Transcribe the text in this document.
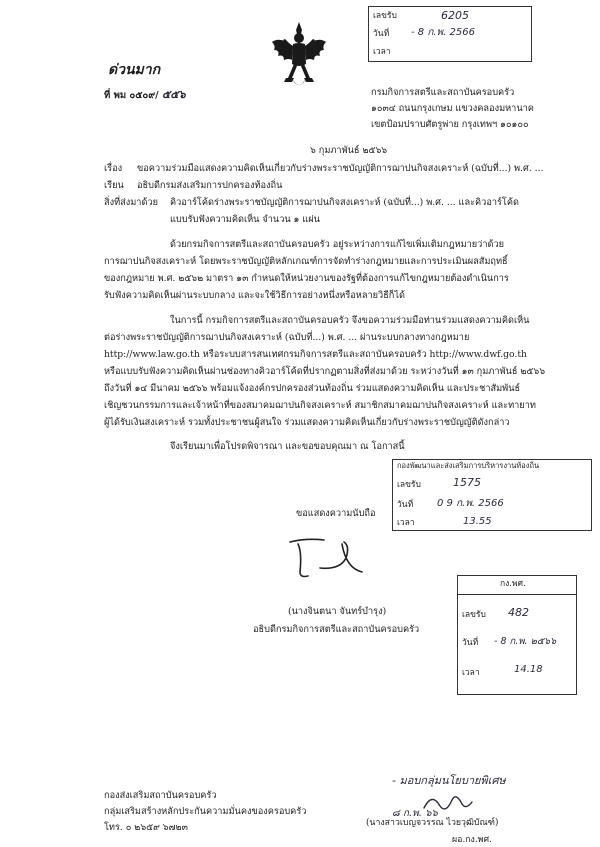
ด่วนมาก
ที่ พม ๐๕๐๙/ ๕๕๖
เลขรับ	6205
วันที่ - 8 ก.พ. 2566
เวลา
กรมกิจการสตรีและสถาบันครอบครัว
๑๐๓๔ ถนนกรุงเกษม แขวงคลองมหานาค
เขตป้อมปราบศัตรูพ่าย กรุงเทพฯ ๑๐๑๐๐
๖ กุมภาพันธ์ ๒๕๖๖
เรื่อง ขอความร่วมมือแสดงความคิดเห็นเกี่ยวกับร่างพระราชบัญญัติการฌาปนกิจสงเคราะห์ (ฉบับที่...) พ.ศ. ...
เรียน อธิบดีกรมส่งเสริมการปกครองท้องถิ่น
สิ่งที่ส่งมาด้วย คิวอาร์โค้ดร่างพระราชบัญญัติการฌาปนกิจสงเคราะห์ (ฉบับที่...) พ.ศ. ... และคิวอาร์โค้ด
แบบรับฟังความคิดเห็น จำนวน ๑ แผ่น
ด้วยกรมกิจการสตรีและสถาบันครอบครัว อยู่ระหว่างการแก้ไขเพิ่มเติมกฎหมายว่าด้วย
การฌาปนกิจสงเคราะห์ โดยพระราชบัญญัติหลักเกณฑ์การจัดทำร่างกฎหมายและการประเมินผลสัมฤทธิ์
ของกฎหมาย พ.ศ. ๒๕๖๒ มาตรา ๑๓ กำหนดให้หน่วยงานของรัฐที่ต้องการแก้ไขกฎหมายต้องดำเนินการ
รับฟังความคิดเห็นผ่านระบบกลาง และจะใช้วิธีการอย่างหนึ่งหรือหลายวิธีก็ได้
ในการนี้ กรมกิจการสตรีและสถาบันครอบครัว จึงขอความร่วมมือท่านร่วมแสดงความคิดเห็น
ต่อร่างพระราชบัญญัติการฌาปนกิจสงเคราะห์ (ฉบับที่...) พ.ศ. ... ผ่านระบบกลางทางกฎหมาย
http://www.law.go.th หรือระบบสารสนเทศกรมกิจการสตรีและสถาบันครอบครัว http://www.dwf.go.th
หรือแบบรับฟังความคิดเห็นผ่านช่องทางคิวอาร์โค้ดที่ปรากฏตามสิ่งที่ส่งมาด้วย ระหว่างวันที่ ๑๓ กุมภาพันธ์ ๒๕๖๖
ถึงวันที่ ๑๔ มีนาคม ๒๕๖๖ พร้อมแจ้งองค์กรปกครองส่วนท้องถิ่น ร่วมแสดงความคิดเห็น และประชาสัมพันธ์
เชิญชวนกรรมการและเจ้าหน้าที่ของสมาคมฌาปนกิจสงเคราะห์ สมาชิกสมาคมฌาปนกิจสงเคราะห์ และทายาท
ผู้ได้รับเงินสงเคราะห์ รวมทั้งประชาชนผู้สนใจ ร่วมแสดงความคิดเห็นเกี่ยวกับร่างพระราชบัญญัติดังกล่าว
จึงเรียนมาเพื่อโปรดพิจารณา และขอขอบคุณมา ณ โอกาสนี้
กองพัฒนาและส่งเสริมการบริหารงานท้องถิ่น
เลขรับ	1575
วันที่ 0 9 ก.พ. 2566
เวลา	13.55
ขอแสดงความนับถือ
(นางจินตนา จันทร์บำรุง)
อธิบดีกรมกิจการสตรีและสถาบันครอบครัว
กง.พศ.
เลขรับ 482
วันที่ - 8 ก.พ. ๒๕๖๖
เวลา	14.18
- มอบกลุ่มนโยบายพิเศษ
๘ ก.พ. ๖๖
(นางสาวเบญจวรรณ ไวยวุฒิบัณฑ์)
ผอ.กง.พศ.
กองส่งเสริมสถาบันครอบครัว
กลุ่มเสริมสร้างหลักประกันความมั่นคงของครอบครัว
โทร. ๐ ๒๖๕๙ ๖๗๒๓
